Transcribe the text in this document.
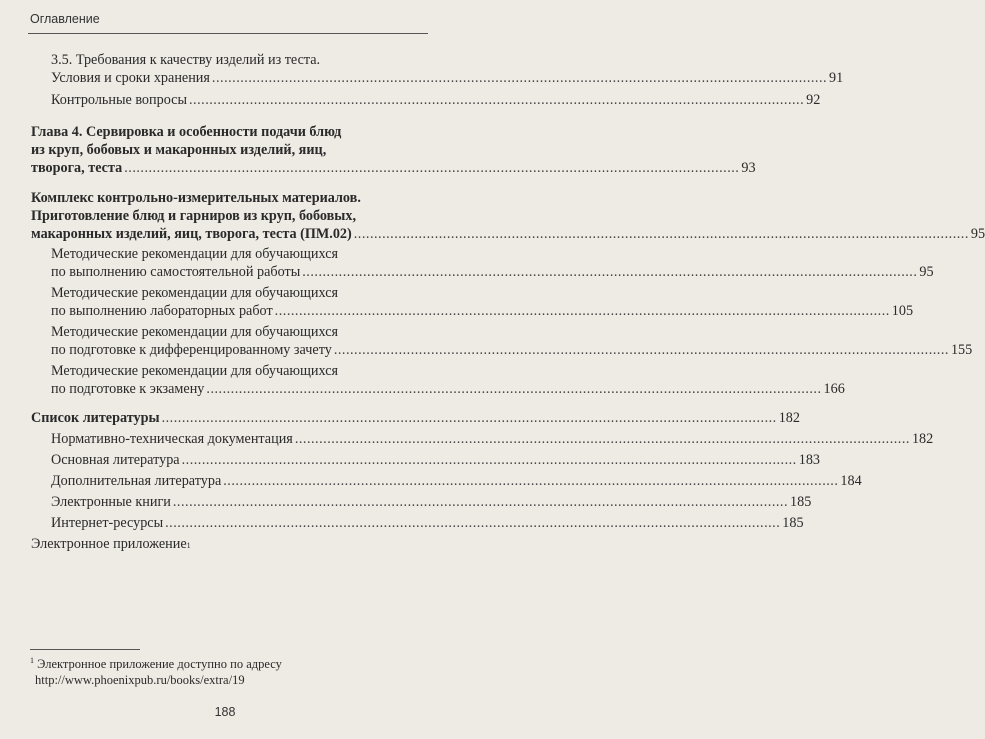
Оглавление
3.5. Требования к качеству изделий из теста.
Условия и сроки хранения ........................................................................................................................................................ 91
Контрольные вопросы ........................................................................................................................................................ 92
Глава 4. Сервировка и особенности подачи блюд
из круп, бобовых и макаронных изделий, яиц,
творога, теста ........................................................................................................................................................ 93
Комплекс контрольно-измерительных материалов.
Приготовление блюд и гарниров из круп, бобовых,
макаронных изделий, яиц, творога, теста (ПМ.02) ........................................................................................................................................................ 95
Методические рекомендации для обучающихся
по выполнению самостоятельной работы ........................................................................................................................................................ 95
Методические рекомендации для обучающихся
по выполнению лабораторных работ ........................................................................................................................................................ 105
Методические рекомендации для обучающихся
по подготовке к дифференцированному зачету ........................................................................................................................................................ 155
Методические рекомендации для обучающихся
по подготовке к экзамену ........................................................................................................................................................ 166
Список литературы ........................................................................................................................................................ 182
Нормативно-техническая документация ........................................................................................................................................................ 182
Основная литература ........................................................................................................................................................ 183
Дополнительная литература ........................................................................................................................................................ 184
Электронные книги ........................................................................................................................................................ 185
Интернет-ресурсы ........................................................................................................................................................ 185
Электронное приложение 1
$^1$ Электронное приложение доступно по адресу
http://www.phoenixpub.ru/books/extra/19
188
